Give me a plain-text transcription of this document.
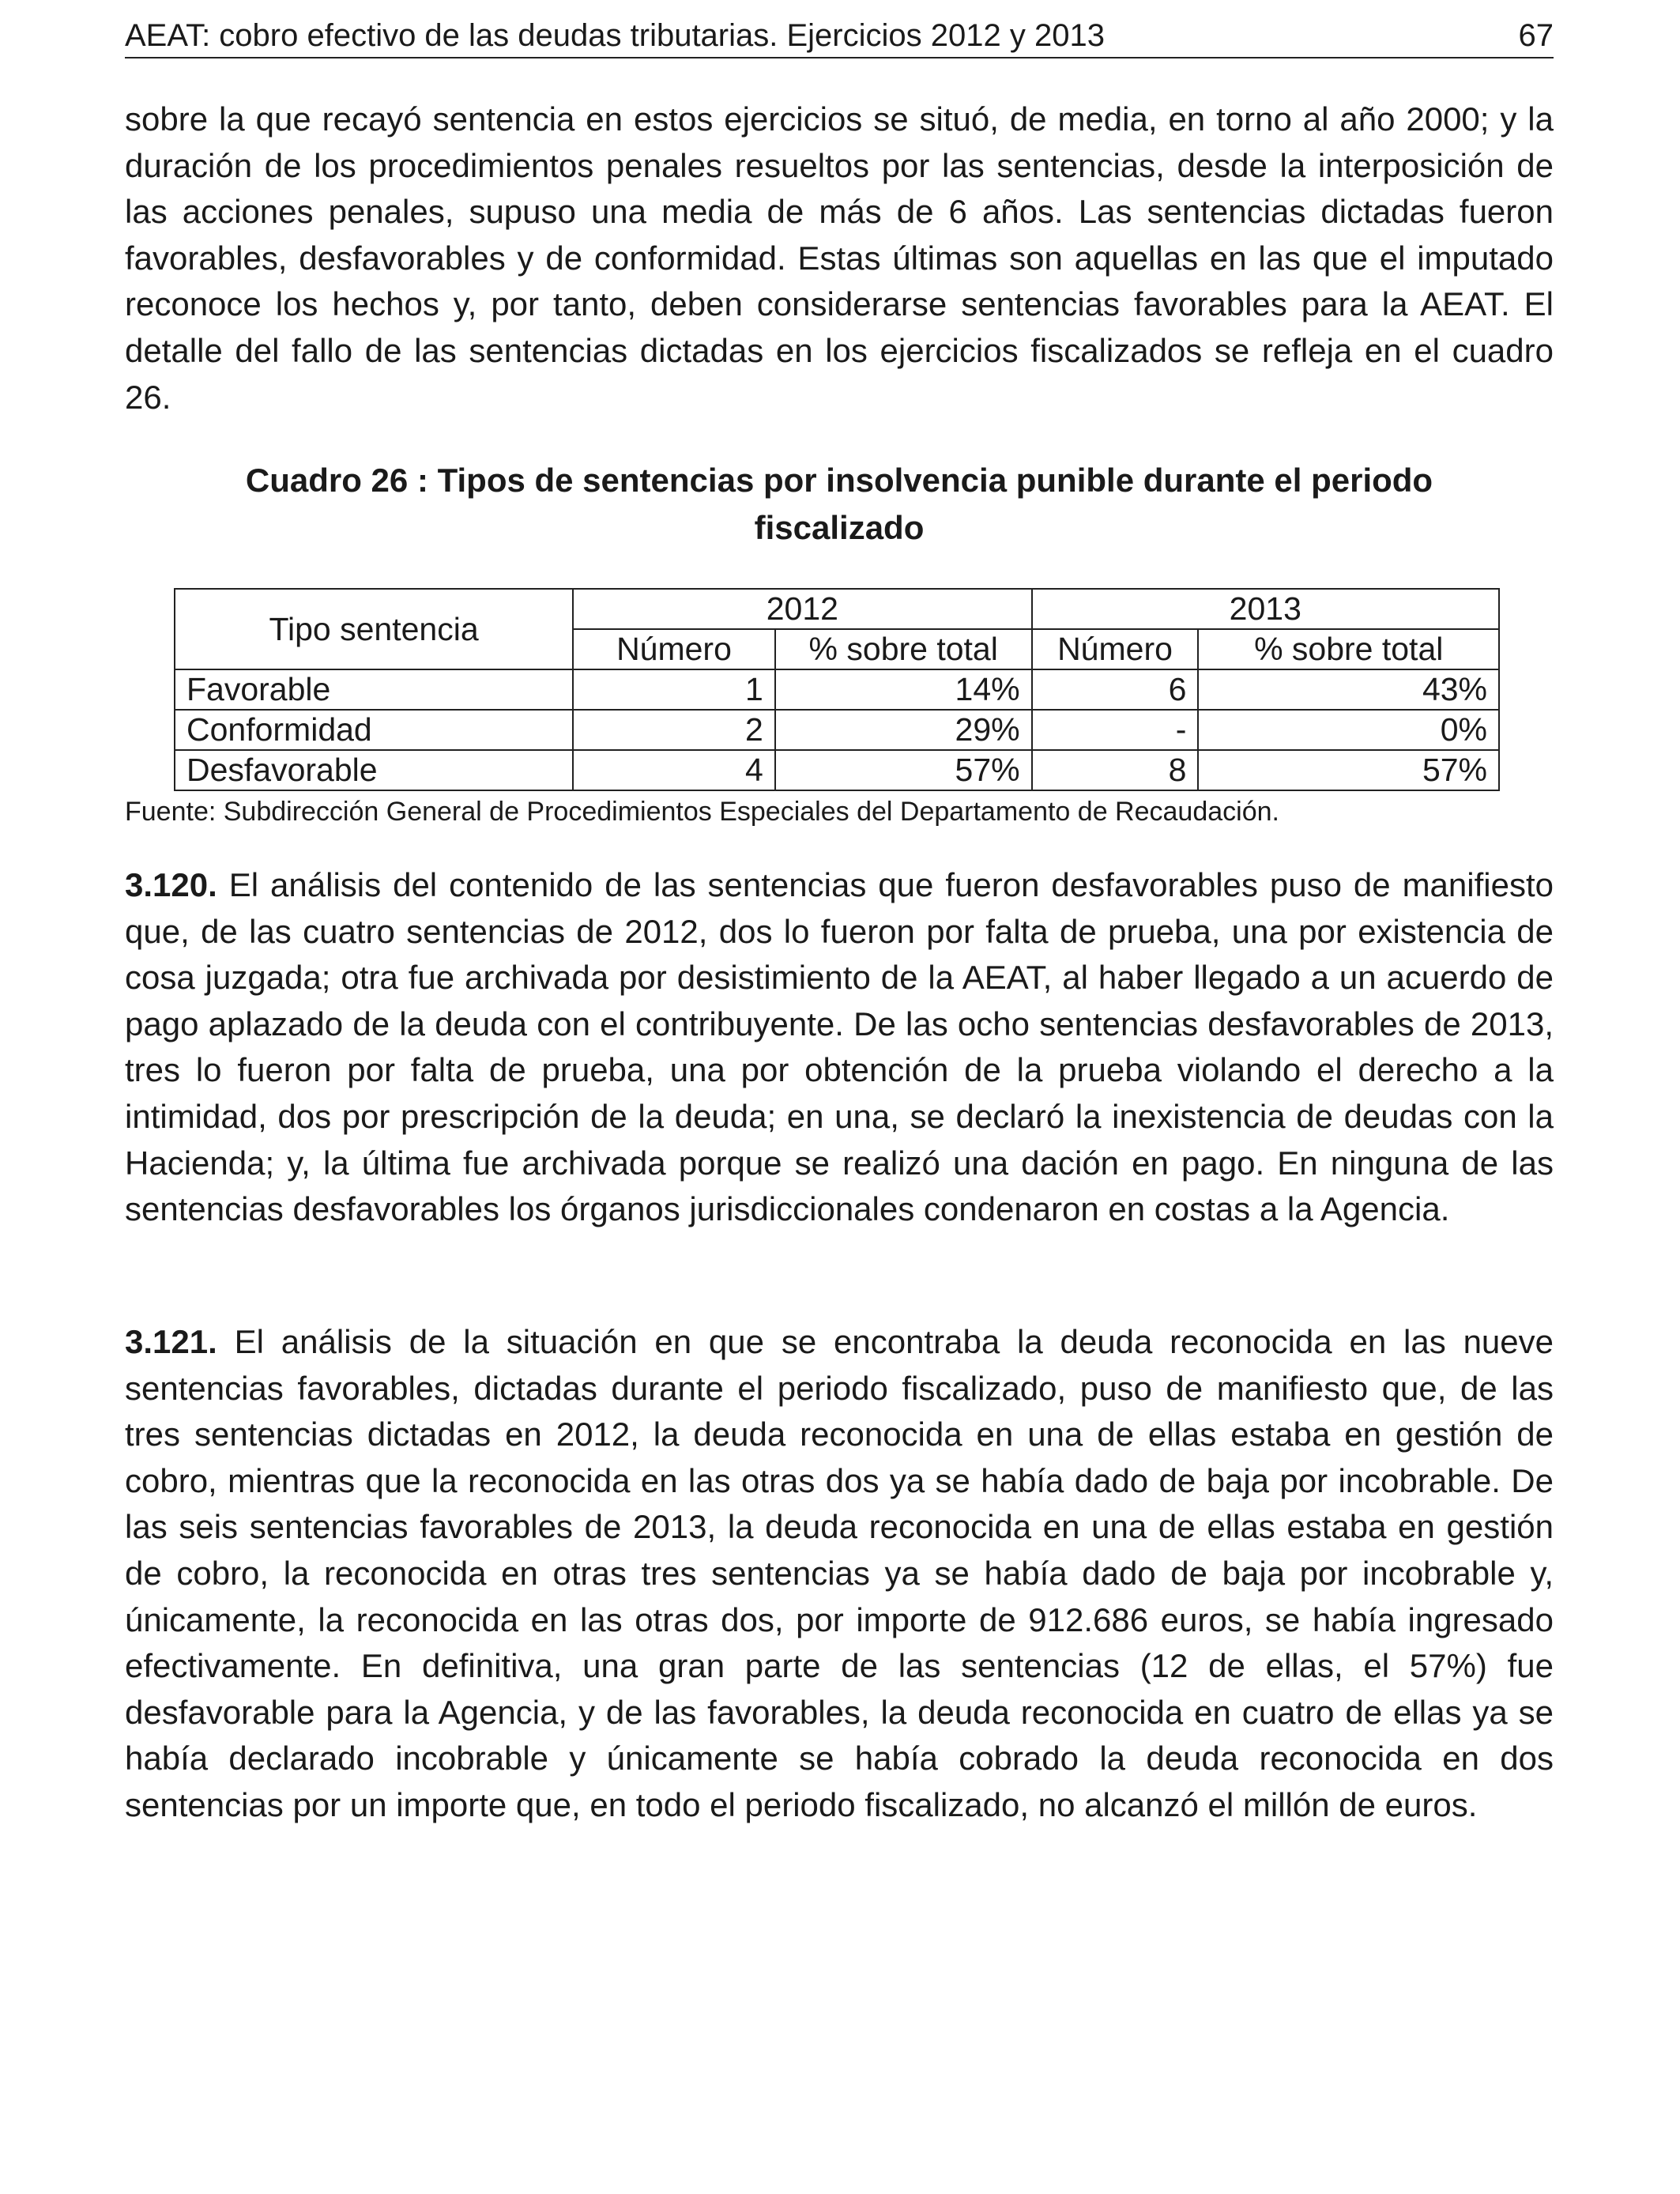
AEAT: cobro efectivo de las deudas tributarias. Ejercicios 2012 y 2013	67

sobre la que recayó sentencia en estos ejercicios se situó, de media, en torno al año 2000; y la duración de los procedimientos penales resueltos por las sentencias, desde la interposición de las acciones penales, supuso una media de más de 6 años. Las sentencias dictadas fueron favorables, desfavorables y de conformidad. Estas últimas son aquellas en las que el imputado reconoce los hechos y, por tanto, deben considerarse sentencias favorables para la AEAT. El detalle del fallo de las sentencias dictadas en los ejercicios fiscalizados se refleja en el cuadro 26.

Cuadro 26 : Tipos de sentencias por insolvencia punible durante el periodo
fiscalizado
Tipo sentencia	2012		2013	
	Número	% sobre total	Número	% sobre total
Favorable	1	14%	6	43%
Conformidad	2	29%	-	0%
Desfavorable	4	57%	8	57%
Fuente: Subdirección General de Procedimientos Especiales del Departamento de Recaudación.

3.120. El análisis del contenido de las sentencias que fueron desfavorables puso de manifiesto que, de las cuatro sentencias de 2012, dos lo fueron por falta de prueba, una por existencia de cosa juzgada; otra fue archivada por desistimiento de la AEAT, al haber llegado a un acuerdo de pago aplazado de la deuda con el contribuyente. De las ocho sentencias desfavorables de 2013, tres lo fueron por falta de prueba, una por obtención de la prueba violando el derecho a la intimidad, dos por prescripción de la deuda; en una, se declaró la inexistencia de deudas con la Hacienda; y, la última fue archivada porque se realizó una dación en pago. En ninguna de las sentencias desfavorables los órganos jurisdiccionales condenaron en costas a la Agencia.

3.121. El análisis de la situación en que se encontraba la deuda reconocida en las nueve sentencias favorables, dictadas durante el periodo fiscalizado, puso de manifiesto que, de las tres sentencias dictadas en 2012, la deuda reconocida en una de ellas estaba en gestión de cobro, mientras que la reconocida en las otras dos ya se había dado de baja por incobrable. De las seis sentencias favorables de 2013, la deuda reconocida en una de ellas estaba en gestión de cobro, la reconocida en otras tres sentencias ya se había dado de baja por incobrable y, únicamente, la reconocida en las otras dos, por importe de 912.686 euros, se había ingresado efectivamente. En definitiva, una gran parte de las sentencias (12 de ellas, el 57%) fue desfavorable para la Agencia, y de las favorables, la deuda reconocida en cuatro de ellas ya se había declarado incobrable y únicamente se había cobrado la deuda reconocida en dos sentencias por un importe que, en todo el periodo fiscalizado, no alcanzó el millón de euros.
